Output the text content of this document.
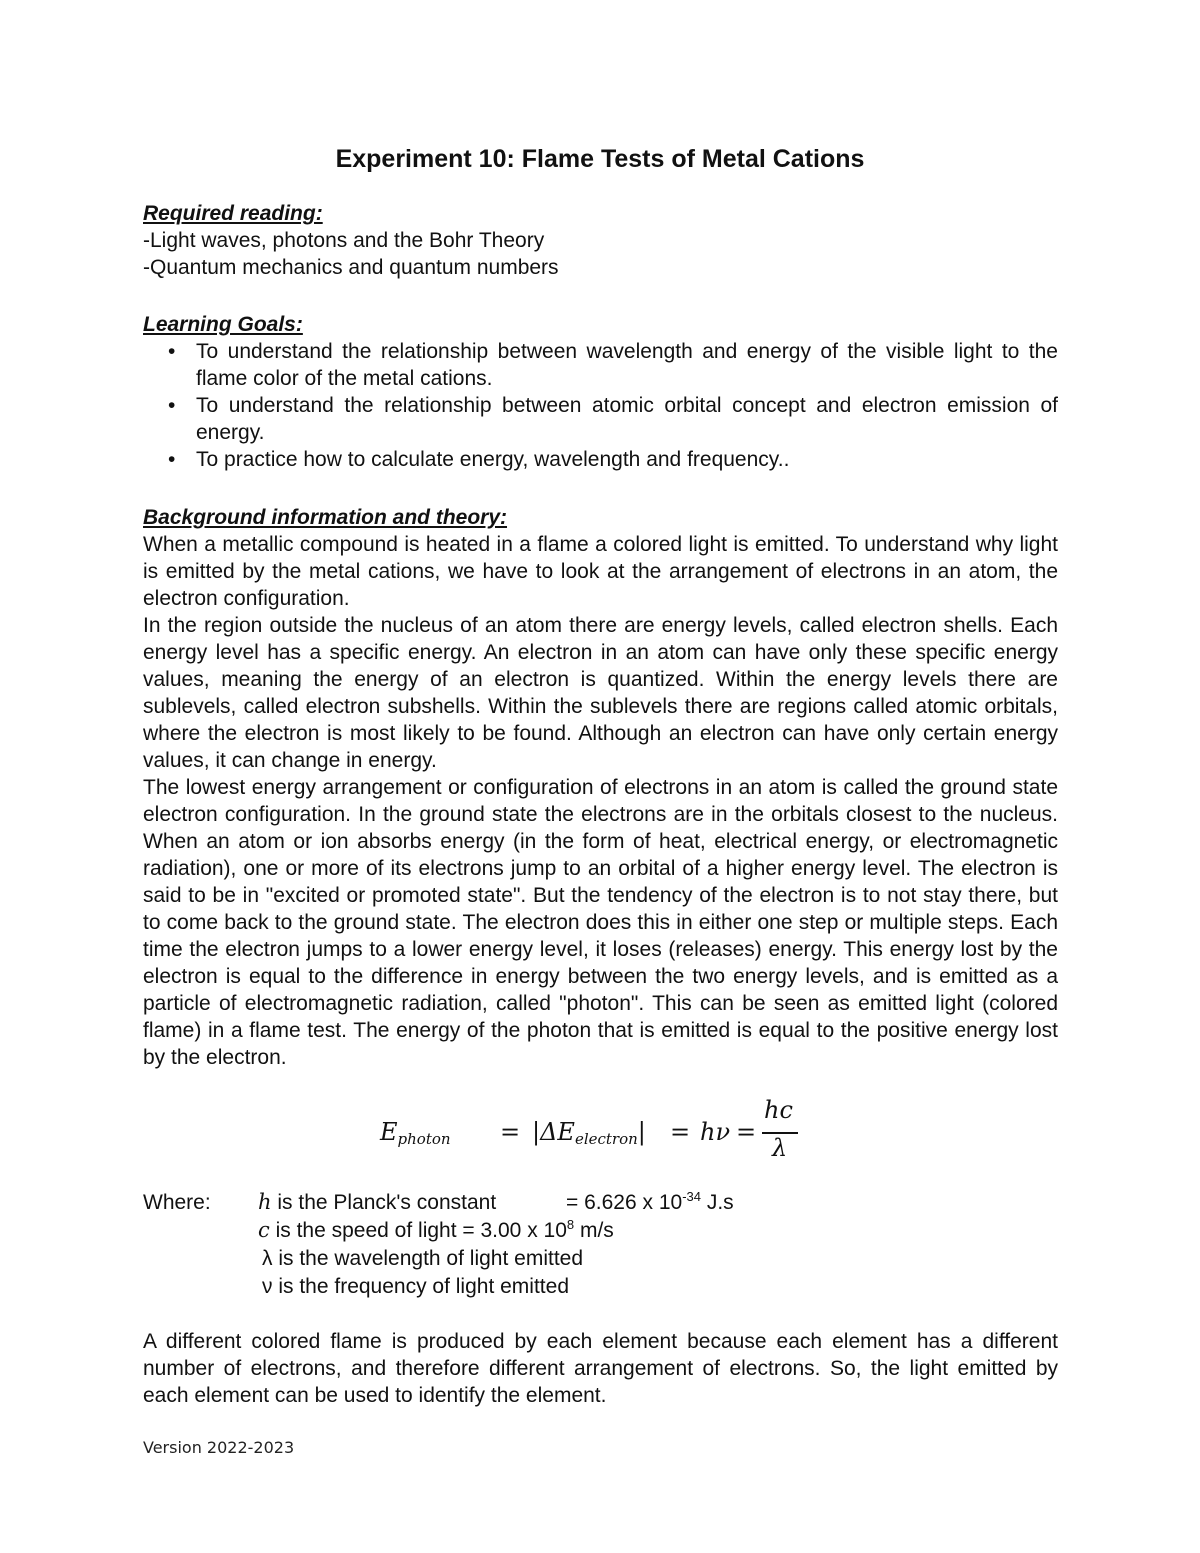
Experiment 10: Flame Tests of Metal Cations

Required reading:

-Light waves, photons and the Bohr Theory

-Quantum mechanics and quantum numbers

Learning Goals:

• To understand the relationship between wavelength and energy of the visible light to the flame color of the metal cations.
• To understand the relationship between atomic orbital concept and electron emission of energy.
• To practice how to calculate energy, wavelength and frequency..

Background information and theory:

When a metallic compound is heated in a flame a colored light is emitted. To understand why light is emitted by the metal cations, we have to look at the arrangement of electrons in an atom, the electron configuration.

In the region outside the nucleus of an atom there are energy levels, called electron shells. Each energy level has a specific energy. An electron in an atom can have only these specific energy values, meaning the energy of an electron is quantized. Within the energy levels there are sublevels, called electron subshells. Within the sublevels there are regions called atomic orbitals, where the electron is most likely to be found. Although an electron can have only certain energy values, it can change in energy.

The lowest energy arrangement or configuration of electrons in an atom is called the ground state electron configuration. In the ground state the electrons are in the orbitals closest to the nucleus. When an atom or ion absorbs energy (in the form of heat, electrical energy, or electromagnetic radiation), one or more of its electrons jump to an orbital of a higher energy level. The electron is said to be in "excited or promoted state". But the tendency of the electron is to not stay there, but to come back to the ground state. The electron does this in either one step or multiple steps. Each time the electron jumps to a lower energy level, it loses (releases) energy. This energy lost by the electron is equal to the difference in energy between the two energy levels, and is emitted as a particle of electromagnetic radiation, called "photon". This can be seen as emitted light (colored flame) in a flame test. The energy of the photon that is emitted is equal to the positive energy lost by the electron.

$E_{photon} = |\Delta E_{electron}| = h\nu$ =
hc
λ
Where: h is the Planck's constant	= 6.626 x $10^{-34}$ J.s
c is the speed of light = 3.00 x $10^8$ m/s
λ is the wavelength of light emitted
ν is the frequency of light emitted

A different colored flame is produced by each element because each element has a different number of electrons, and therefore different arrangement of electrons. So, the light emitted by each element can be used to identify the element.

Version 2022-2023
